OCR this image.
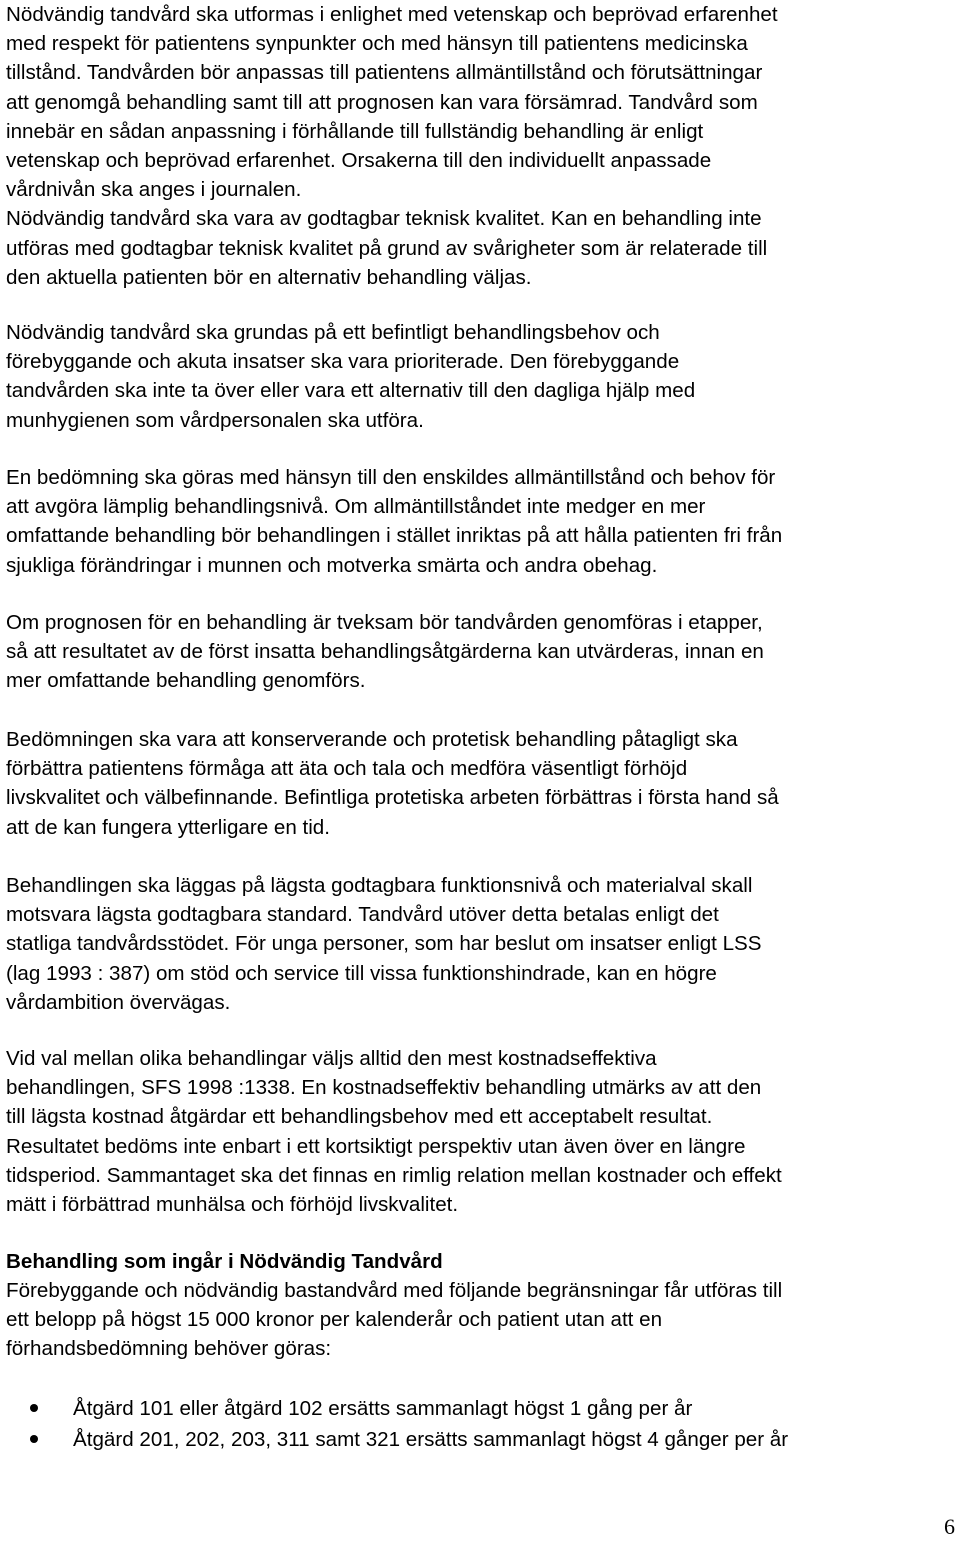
Nödvändig tandvård ska utformas i enlighet med vetenskap och beprövad erfarenhet
med respekt för patientens synpunkter och med hänsyn till patientens medicinska
tillstånd. Tandvården bör anpassas till patientens allmäntillstånd och förutsättningar
att genomgå behandling samt till att prognosen kan vara försämrad. Tandvård som
innebär en sådan anpassning i förhållande till fullständig behandling är enligt
vetenskap och beprövad erfarenhet. Orsakerna till den individuellt anpassade
vårdnivån ska anges i journalen.
Nödvändig tandvård ska vara av godtagbar teknisk kvalitet. Kan en behandling inte
utföras med godtagbar teknisk kvalitet på grund av svårigheter som är relaterade till
den aktuella patienten bör en alternativ behandling väljas.

Nödvändig tandvård ska grundas på ett befintligt behandlingsbehov och
förebyggande och akuta insatser ska vara prioriterade. Den förebyggande
tandvården ska inte ta över eller vara ett alternativ till den dagliga hjälp med
munhygienen som vårdpersonalen ska utföra.

En bedömning ska göras med hänsyn till den enskildes allmäntillstånd och behov för
att avgöra lämplig behandlingsnivå. Om allmäntillståndet inte medger en mer
omfattande behandling bör behandlingen i stället inriktas på att hålla patienten fri från
sjukliga förändringar i munnen och motverka smärta och andra obehag.

Om prognosen för en behandling är tveksam bör tandvården genomföras i etapper,
så att resultatet av de först insatta behandlingsåtgärderna kan utvärderas, innan en
mer omfattande behandling genomförs.

Bedömningen ska vara att konserverande och protetisk behandling påtagligt ska
förbättra patientens förmåga att äta och tala och medföra väsentligt förhöjd
livskvalitet och välbefinnande. Befintliga protetiska arbeten förbättras i första hand så
att de kan fungera ytterligare en tid.

Behandlingen ska läggas på lägsta godtagbara funktionsnivå och materialval skall
motsvara lägsta godtagbara standard. Tandvård utöver detta betalas enligt det
statliga tandvårdsstödet. För unga personer, som har beslut om insatser enligt LSS
(lag 1993 : 387) om stöd och service till vissa funktionshindrade, kan en högre
vårdambition övervägas.

Vid val mellan olika behandlingar väljs alltid den mest kostnadseffektiva
behandlingen, SFS 1998 :1338. En kostnadseffektiv behandling utmärks av att den
till lägsta kostnad åtgärdar ett behandlingsbehov med ett acceptabelt resultat.
Resultatet bedöms inte enbart i ett kortsiktigt perspektiv utan även över en längre
tidsperiod. Sammantaget ska det finnas en rimlig relation mellan kostnader och effekt
mätt i förbättrad munhälsa och förhöjd livskvalitet.

Behandling som ingår i Nödvändig Tandvård

Förebyggande och nödvändig bastandvård med följande begränsningar får utföras till
ett belopp på högst 15 000 kronor per kalenderår och patient utan att en
förhandsbedömning behöver göras:

Åtgärd 101 eller åtgärd 102 ersätts sammanlagt högst 1 gång per år
Åtgärd 201, 202, 203, 311 samt 321 ersätts sammanlagt högst 4 gånger per år
6
